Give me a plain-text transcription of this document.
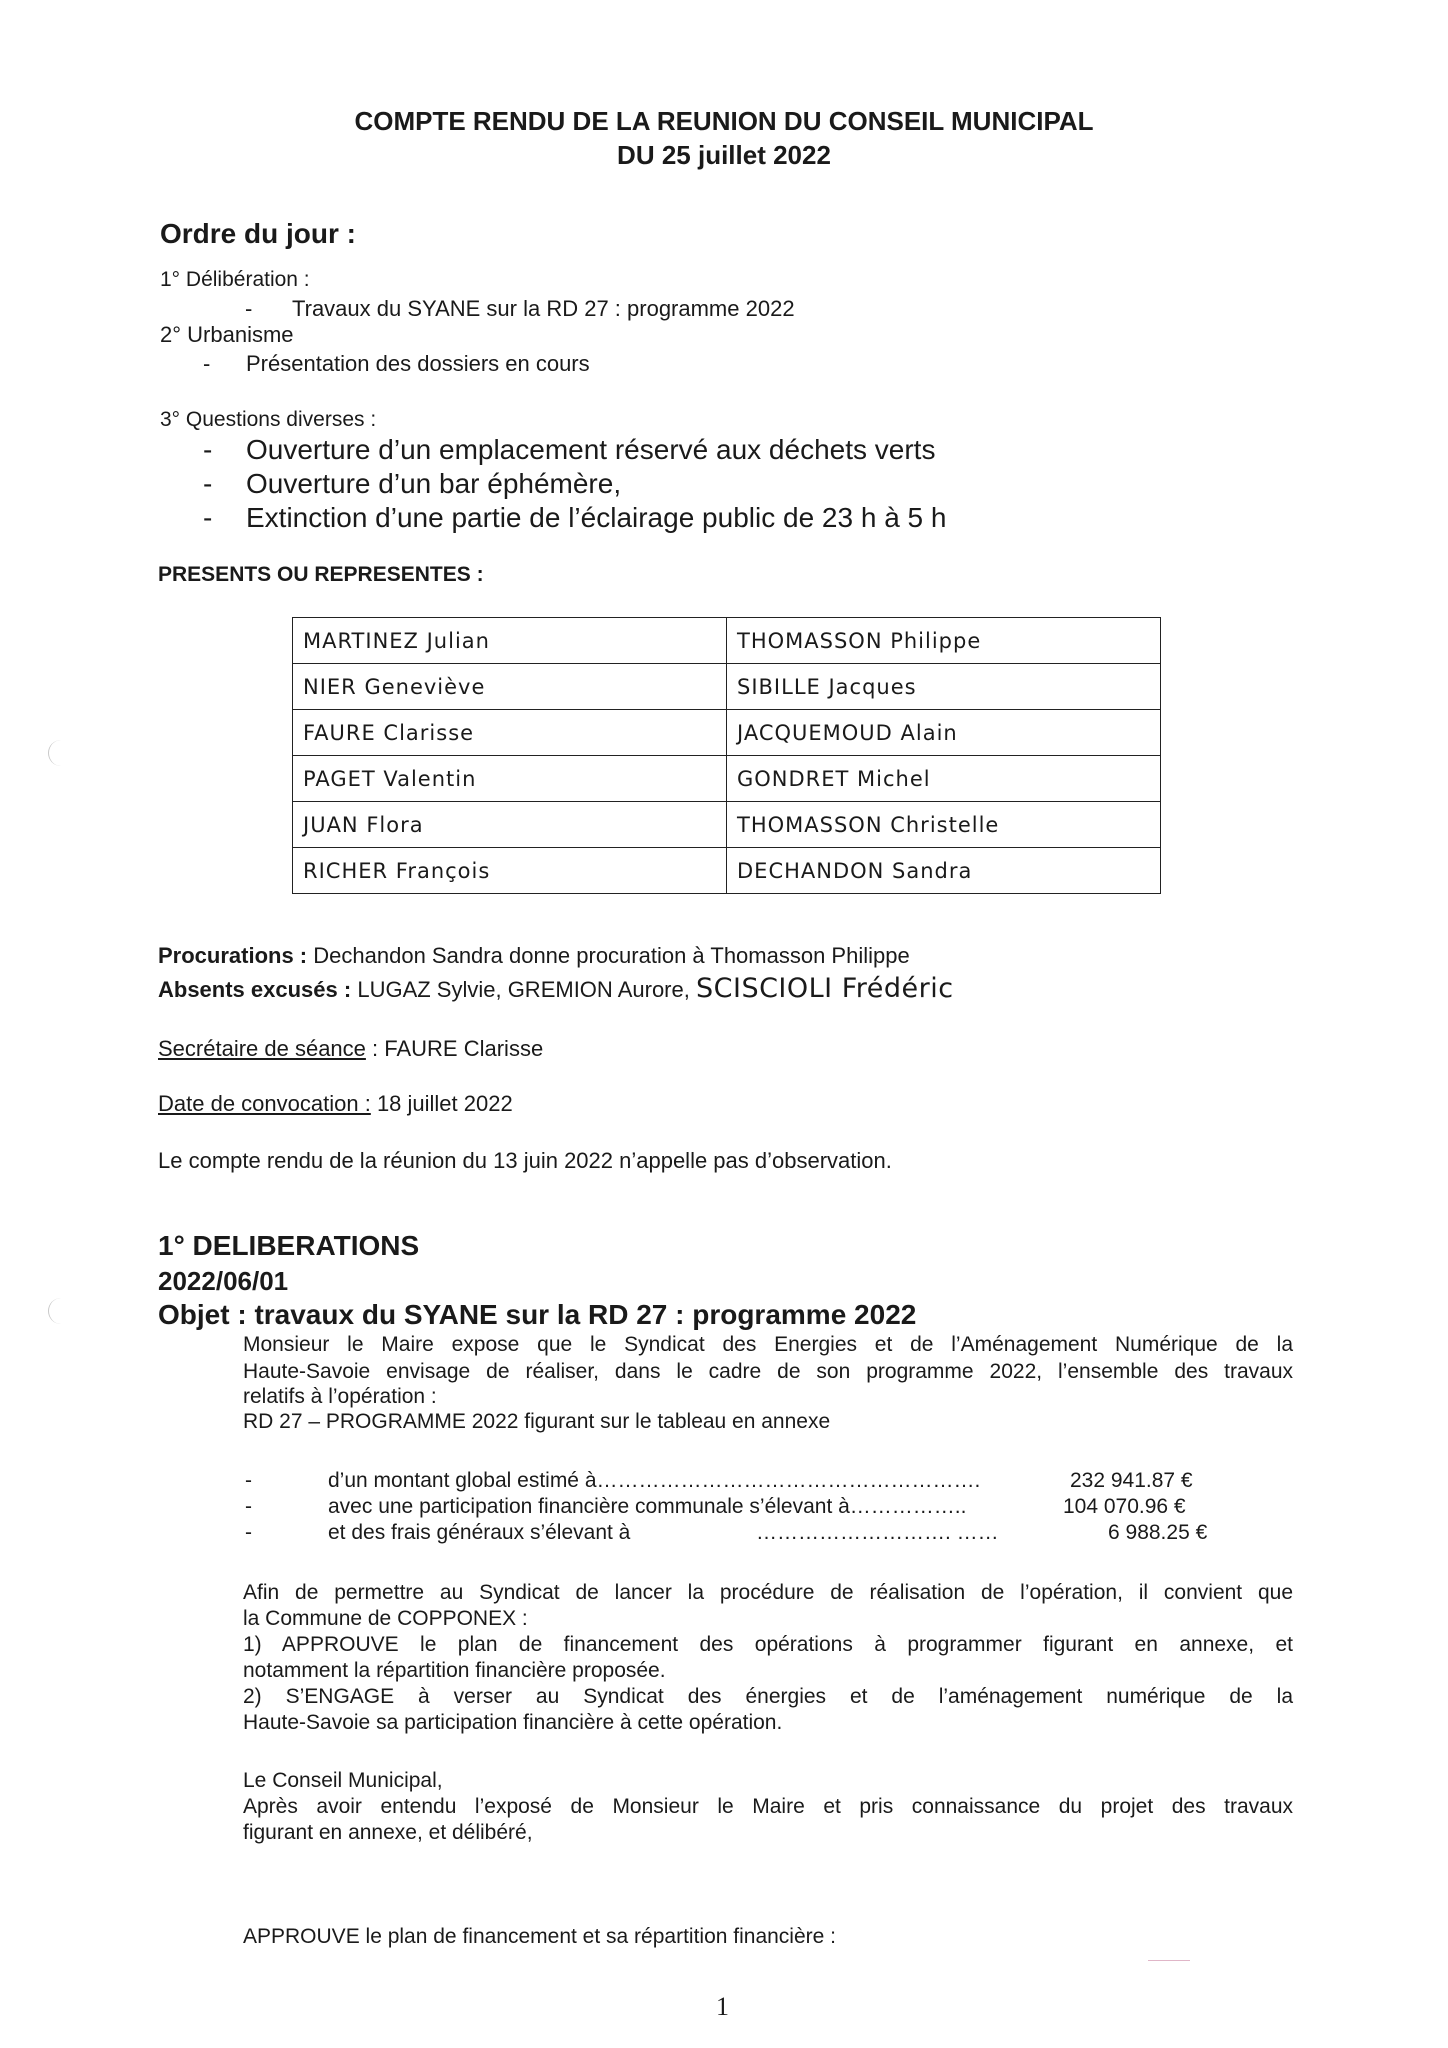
COMPTE RENDU DE LA REUNION DU CONSEIL MUNICIPAL
DU 25 juillet 2022
Ordre du jour :
1° Délibération :
- Travaux du SYANE sur la RD 27 : programme 2022
2° Urbanisme
- Présentation des dossiers en cours
3° Questions diverses :
- Ouverture d’un emplacement réservé aux déchets verts
- Ouverture d’un bar éphémère,
- Extinction d’une partie de l’éclairage public de 23 h à 5 h
PRESENTS OU REPRESENTES :
MARTINEZ Julian	THOMASSON Philippe
NIER Geneviève	SIBILLE Jacques
FAURE Clarisse	JACQUEMOUD Alain
PAGET Valentin	GONDRET Michel
JUAN Flora	THOMASSON Christelle
RICHER François	DECHANDON Sandra
Procurations : Dechandon Sandra donne procuration à Thomasson Philippe
Absents excusés : LUGAZ Sylvie, GREMION Aurore, SCISCIOLI Frédéric
Secrétaire de séance : FAURE Clarisse
Date de convocation : 18 juillet 2022
Le compte rendu de la réunion du 13 juin 2022 n’appelle pas d’observation.
1° DELIBERATIONS
2022/06/01
Objet : travaux du SYANE sur la RD 27 : programme 2022
Monsieur le Maire expose que le Syndicat des Energies et de l’Aménagement Numérique de la
Haute-Savoie envisage de réaliser, dans le cadre de son programme 2022, l’ensemble des travaux
relatifs à l’opération :
RD 27 – PROGRAMME 2022 figurant sur le tableau en annexe
-	d’un montant global estimé à……………………………………………….	232 941.87 €
-	avec une participation financière communale s’élevant à……………..	104 070.96 €
-	et des frais généraux s’élevant à	………………………. ……	6 988.25 €
Afin de permettre au Syndicat de lancer la procédure de réalisation de l’opération, il convient que
la Commune de COPPONEX :
1) APPROUVE le plan de financement des opérations à programmer figurant en annexe, et
notamment la répartition financière proposée.
2) S’ENGAGE à verser au Syndicat des énergies et de l’aménagement numérique de la
Haute-Savoie sa participation financière à cette opération.
Le Conseil Municipal,
Après avoir entendu l’exposé de Monsieur le Maire et pris connaissance du projet des travaux
figurant en annexe, et délibéré,
APPROUVE le plan de financement et sa répartition financière :
1
